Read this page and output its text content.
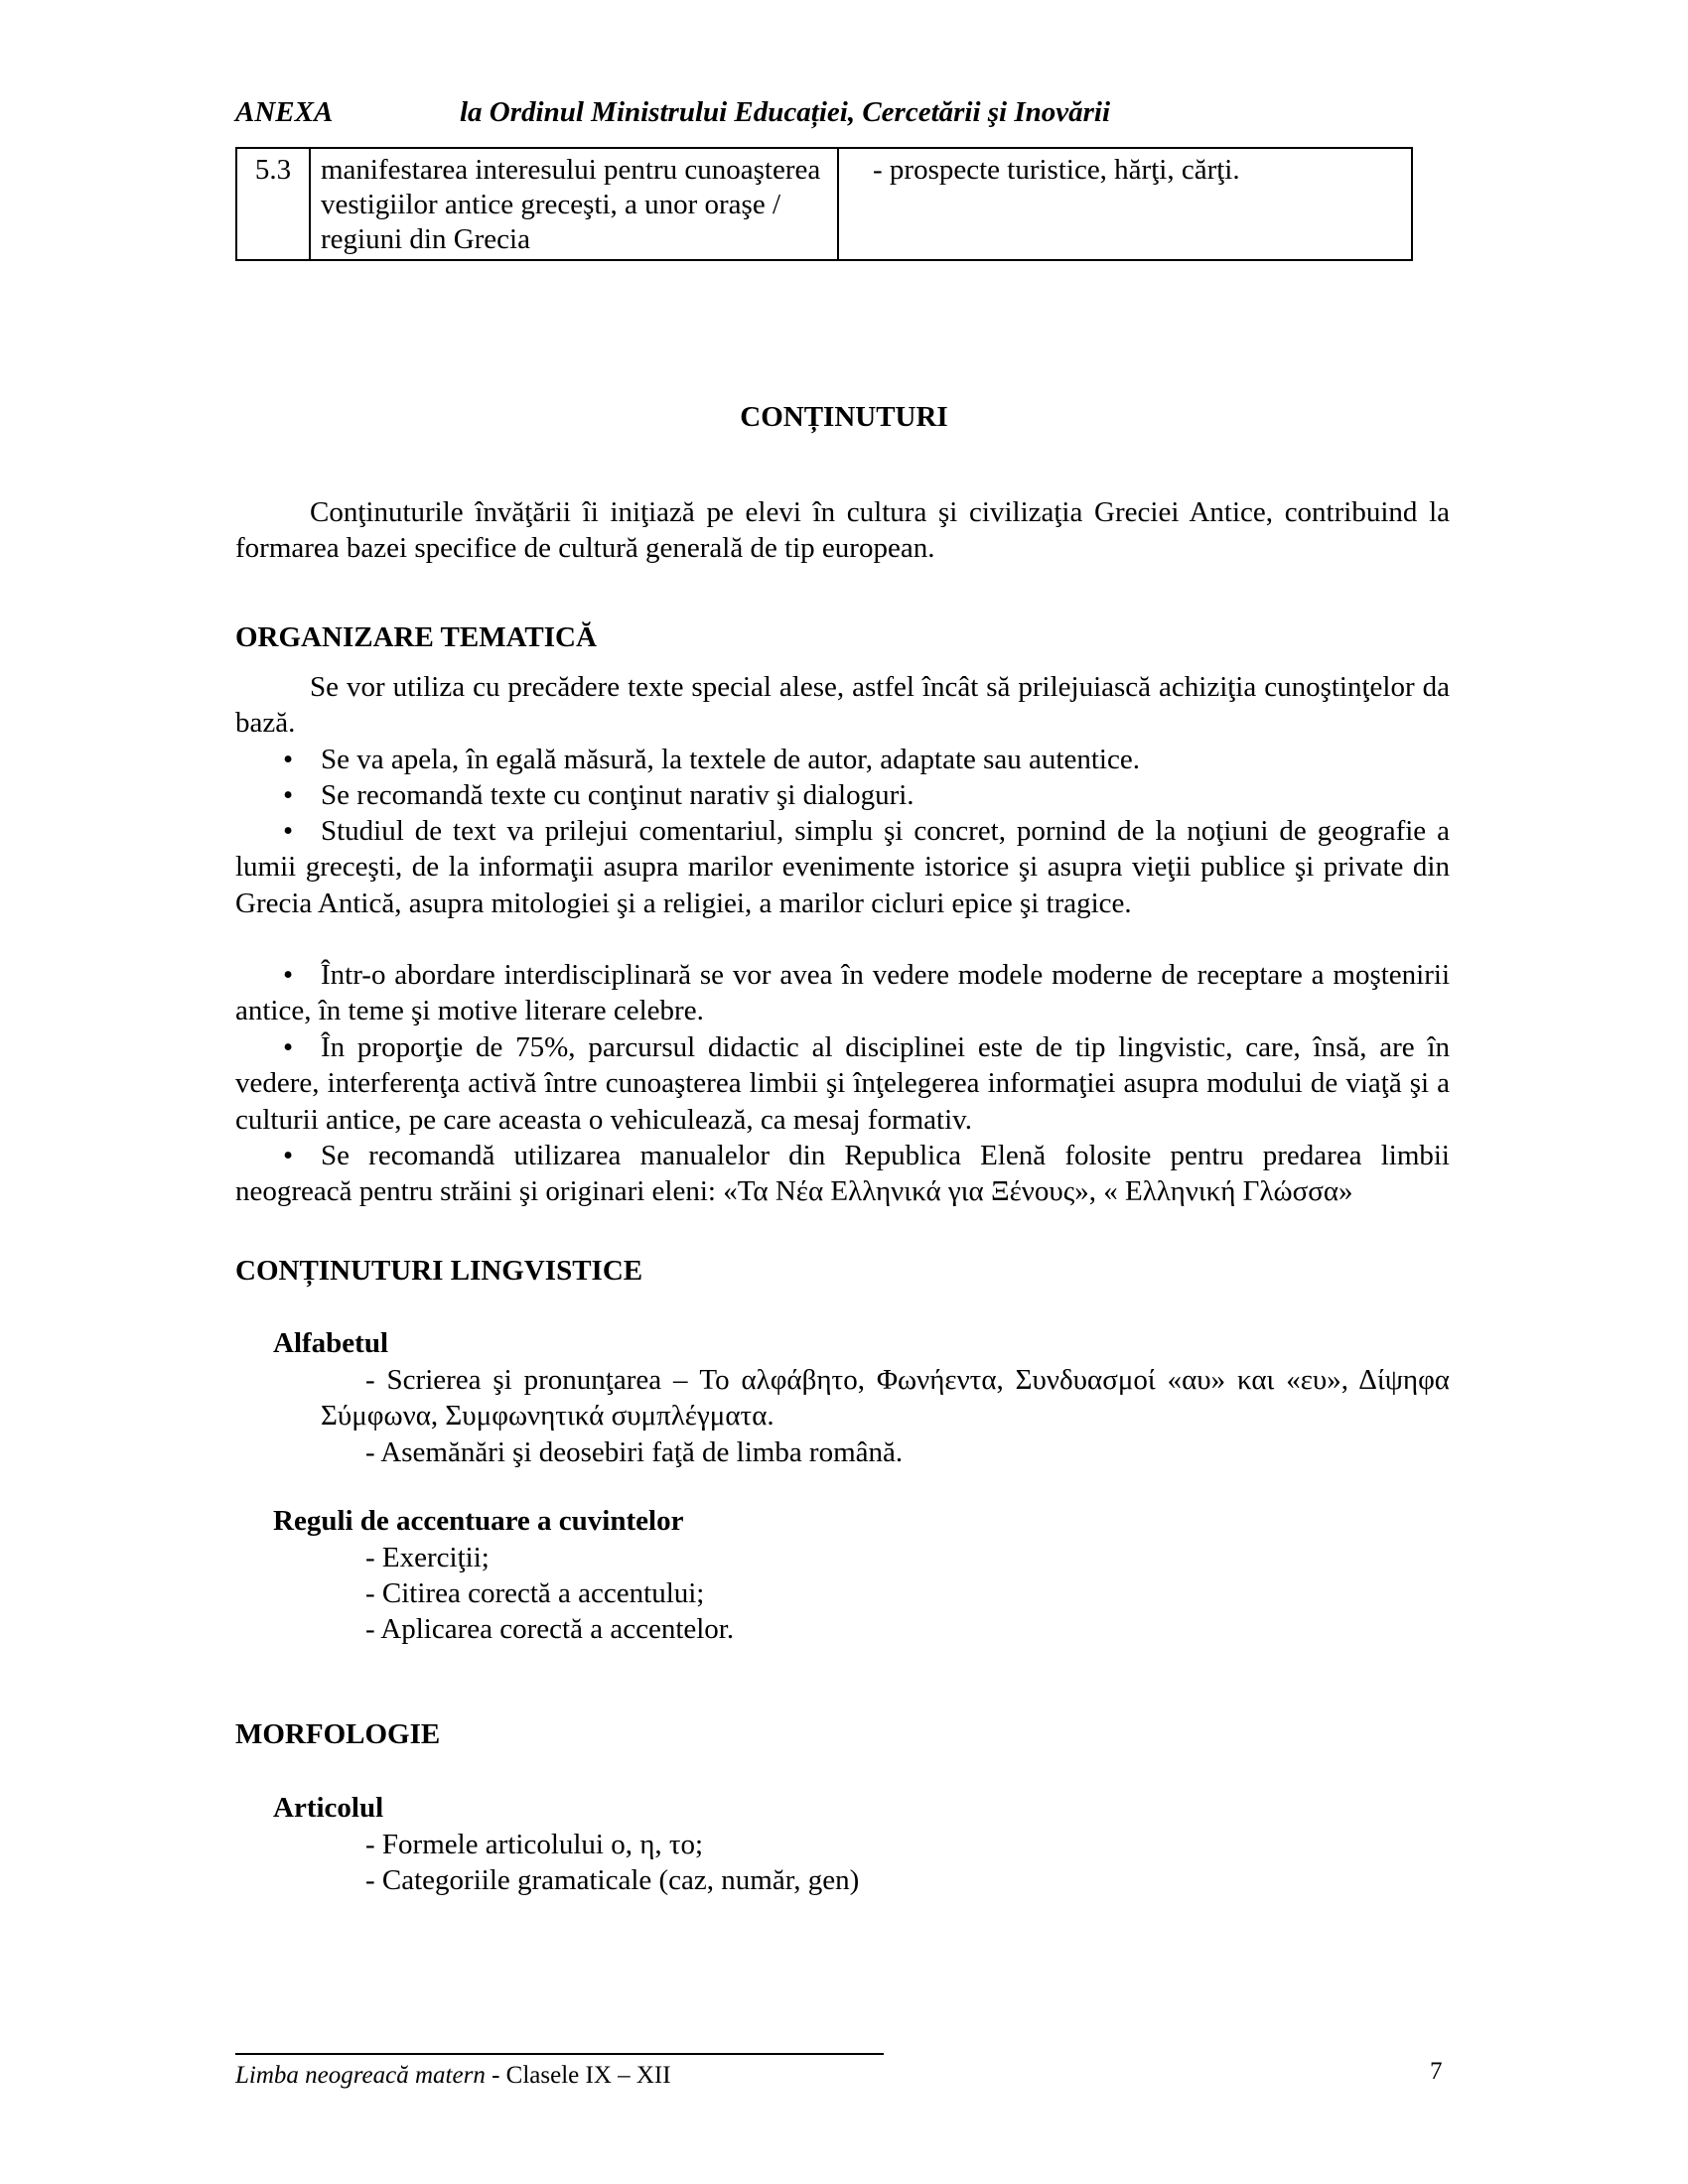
ANEXA	la Ordinul Ministrului Educației, Cercetării şi Inovării
5.3	manifestarea interesului pentru cunoaşterea vestigiilor antice greceşti, a unor oraşe / regiuni din Grecia	- prospecte turistice, hărţi, cărţi.
CONȚINUTURI

Conţinuturile învăţării îi iniţiază pe elevi în cultura şi civilizaţia Greciei Antice, contribuind la formarea bazei specifice de cultură generală de tip european.

ORGANIZARE TEMATICĂ

Se vor utiliza cu precădere texte special alese, astfel încât să prilejuiască achiziţia cunoştinţelor da bază.

• Se va apela, în egală măsură, la textele de autor, adaptate sau autentice.

• Se recomandă texte cu conţinut narativ şi dialoguri.

• Studiul de text va prilejui comentariul, simplu şi concret, pornind de la noţiuni de geografie a lumii greceşti, de la informaţii asupra marilor evenimente istorice şi asupra vieţii publice şi private din Grecia Antică, asupra mitologiei şi a religiei, a marilor cicluri epice şi tragice.

• Într-o abordare interdisciplinară se vor avea în vedere modele moderne de receptare a moştenirii antice, în teme şi motive literare celebre.

• În proporţie de 75%, parcursul didactic al disciplinei este de tip lingvistic, care, însă, are în vedere, interferenţa activă între cunoaşterea limbii şi înţelegerea informaţiei asupra modului de viaţă şi a culturii antice, pe care aceasta o vehiculează, ca mesaj formativ.

• Se recomandă utilizarea manualelor din Republica Elenă folosite pentru predarea limbii neogreacă pentru străini şi originari eleni: «Τα Νέα Ελληνικά για Ξένους», « Ελληνική Γλώσσα»

CONȚINUTURI LINGVISTICE

Alfabetul

- Scrierea şi pronunţarea – Το αλφάβητο, Φωνήεντα, Συνδυασμοί «αυ» και «ευ», Δίψηφα Σύμφωνα, Συμφωνητικά συμπλέγματα.

- Asemănări şi deosebiri faţă de limba română.

Reguli de accentuare a cuvintelor

- Exerciţii;

- Citirea corectă a accentului;

- Aplicarea corectă a accentelor.

MORFOLOGIE

Articolul

- Formele articolului ο, η, το;

- Categoriile gramaticale (caz, număr, gen)

Limba neogreacă matern - Clasele IX – XII	7
